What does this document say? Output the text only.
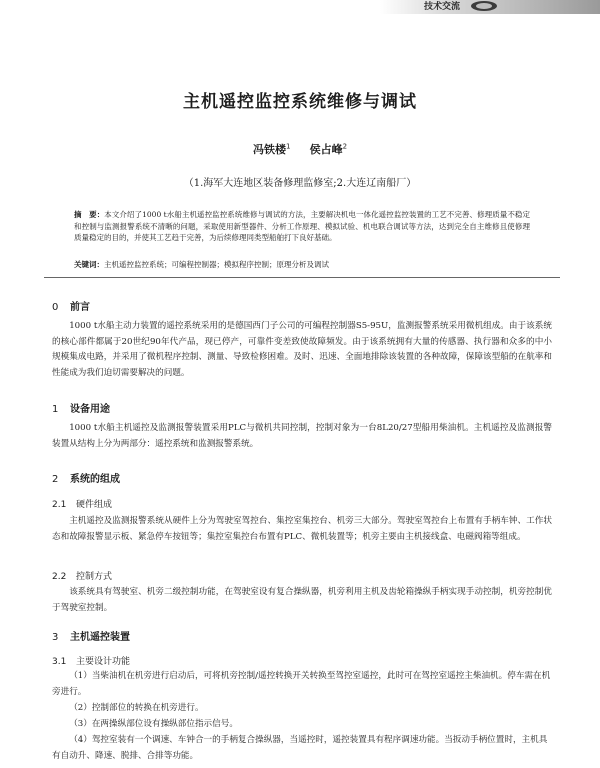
技术交流
主机遥控监控系统维修与调试
冯铁楼$^1$ 侯占峰$^2$
（1.海军大连地区装备修理监修室;2.大连辽南船厂）
摘　要：本文介绍了1000 t水船主机遥控监控系统维修与调试的方法，主要解决机电一体化遥控监控装置的工艺不完善、修理质量不稳定和控制与监测报警系统不清晰的问题，采取使用新型器件、分析工作原理、模拟试验、机电联合调试等方法，达到完全自主维修且使修理质量稳定的目的，并使其工艺趋于完善，为后续修理同类型船舶打下良好基础。
关键词：主机遥控监控系统；可编程控制器；模拟程序控制；原理分析及调试
0 前言
1000 t水船主动力装置的遥控系统采用的是德国西门子公司的可编程控制器S5-95U，监测报警系统采用微机组成。由于该系统的核心部件都属于20世纪90年代产品，现已停产，可靠件变差致使故障频发。由于该系统拥有大量的传感器、执行器和众多的中小规模集成电路，并采用了微机程序控制、测量、导致检修困难。及时、迅速、全面地排除该装置的各种故障，保障该型船的在航率和性能成为我们迫切需要解决的问题。
1 设备用途
1000 t水船主机遥控及监测报警装置采用PLC与微机共同控制，控制对象为一台8L20/27型船用柴油机。主机遥控及监测报警装置从结构上分为两部分：遥控系统和监测报警系统。
2 系统的组成
2.1 硬件组成
主机遥控及监测报警系统从硬件上分为驾驶室驾控台、集控室集控台、机旁三大部分。驾驶室驾控台上布置有手柄车钟、工作状态和故障报警显示板、紧急停车按钮等；集控室集控台布置有PLC、微机装置等；机旁主要由主机接线盒、电磁阀箱等组成。
2.2 控制方式
该系统具有驾驶室、机旁二级控制功能，在驾驶室设有复合操纵器，机旁利用主机及齿轮箱操纵手柄实现手动控制，机旁控制优于驾驶室控制。
3 主机遥控装置
3.1 主要设计功能
（1）当柴油机在机旁进行启动后，可将机旁控制/遥控转换开关转换至驾控室遥控，此时可在驾控室遥控主柴油机。停车需在机旁进行。
（2）控制部位的转换在机旁进行。
（3）在两操纵部位设有操纵部位指示信号。
（4）驾控室装有一个调速、车钟合一的手柄复合操纵器，当遥控时，遥控装置具有程序调速功能。当扳动手柄位置时，主机具有自动升、降速、脱排、合排等功能。
